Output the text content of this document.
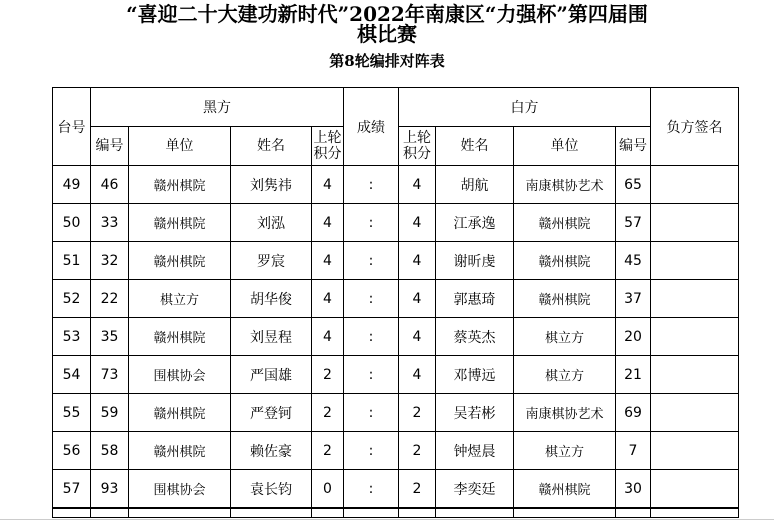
“喜迎二十大建功新时代”2022年南康区“力强杯”第四届围
棋比赛
第8轮编排对阵表
台号	黑方				成绩	白方				负方签名
	编号	单位	姓名	上轮积分		上轮积分	姓名	单位	编号	
49	46	赣州棋院	刘隽祎	4	:	4	胡航	南康棋协艺术	65	
50	33	赣州棋院	刘泓	4	:	4	江承逸	赣州棋院	57	
51	32	赣州棋院	罗宸	4	:	4	谢昕虔	赣州棋院	45	
52	22	棋立方	胡华俊	4	:	4	郭惠琦	赣州棋院	37	
53	35	赣州棋院	刘昱程	4	:	4	蔡英杰	棋立方	20	
54	73	围棋协会	严国雄	2	:	4	邓博远	棋立方	21	
55	59	赣州棋院	严登钶	2	:	2	吴若彬	南康棋协艺术	69	
56	58	赣州棋院	赖佐豪	2	:	2	钟煜晨	棋立方	7	
57	93	围棋协会	袁长钧	0	:	2	李奕廷	赣州棋院	30	
